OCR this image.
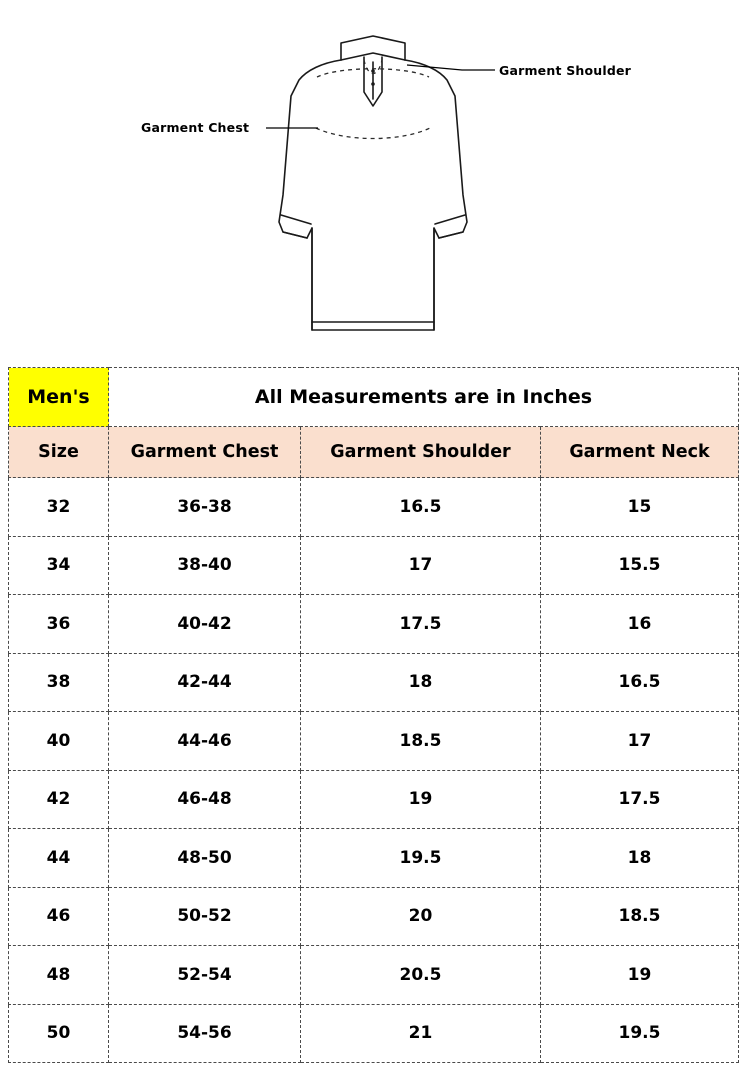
Garment Shoulder
Garment Chest
Men's	All Measurements are in Inches		
Size	Garment Chest	Garment Shoulder	Garment Neck
32	36-38	16.5	15
34	38-40	17	15.5
36	40-42	17.5	16
38	42-44	18	16.5
40	44-46	18.5	17
42	46-48	19	17.5
44	48-50	19.5	18
46	50-52	20	18.5
48	52-54	20.5	19
50	54-56	21	19.5
